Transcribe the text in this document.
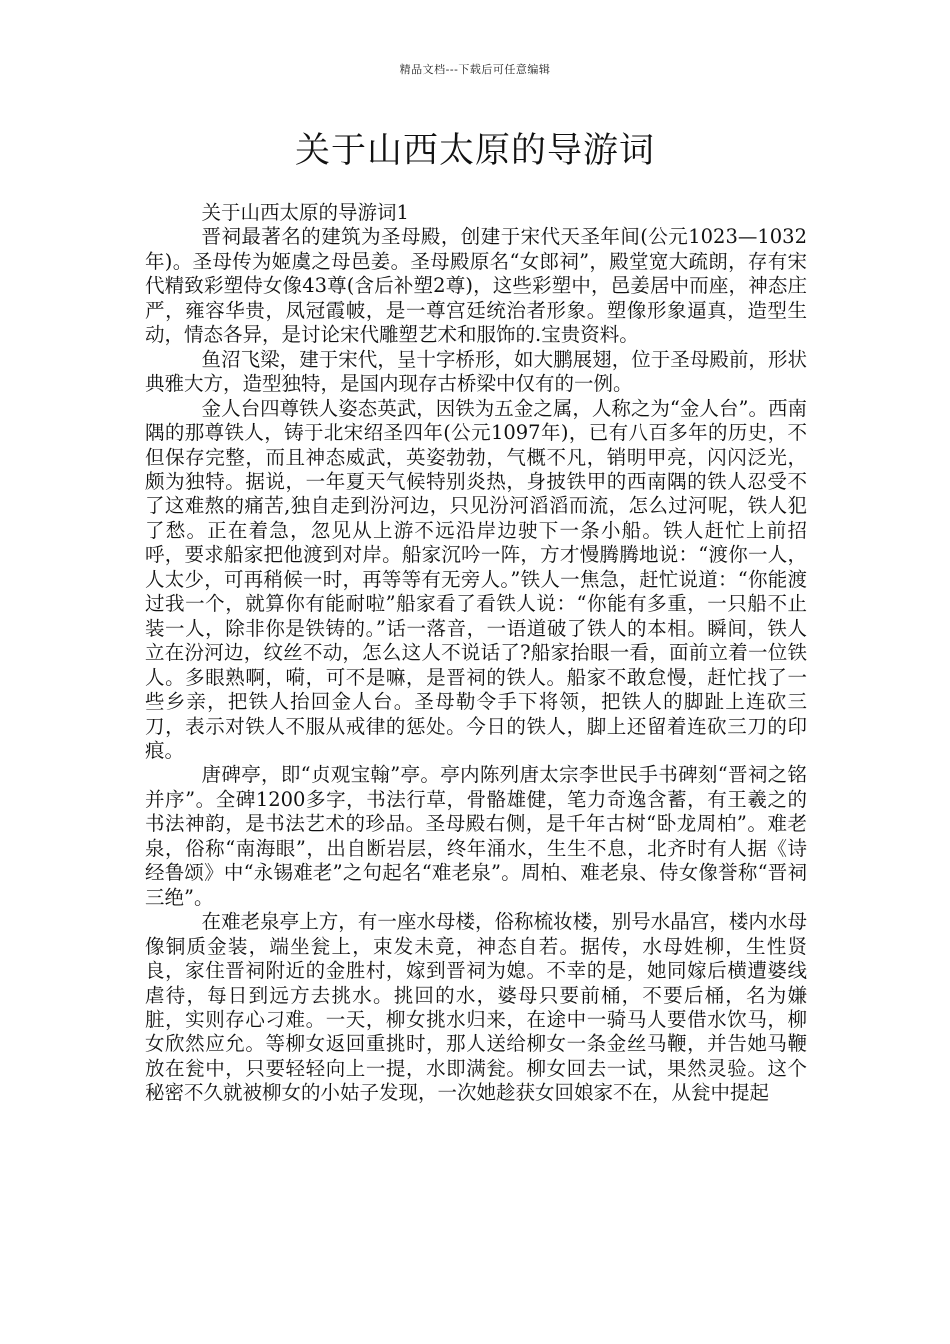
精品文档---下载后可任意编辑
关于山西太原的导游词

关于山西太原的导游词1

晋祠最著名的建筑为圣母殿，创建于宋代天圣年间(公元1023—1032年)。圣母传为姬虞之母邑姜。圣母殿原名“女郎祠”，殿堂宽大疏朗，存有宋代精致彩塑侍女像43尊(含后补塑2尊)，这些彩塑中，邑姜居中而座，神态庄严，雍容华贵，凤冠霞帔，是一尊宫廷统治者形象。塑像形象逼真，造型生动，情态各异，是讨论宋代雕塑艺术和服饰的.宝贵资料。

鱼沼飞梁，建于宋代，呈十字桥形，如大鹏展翅，位于圣母殿前，形状典雅大方，造型独特，是国内现存古桥梁中仅有的一例。

金人台四尊铁人姿态英武，因铁为五金之属，人称之为“金人台”。西南隅的那尊铁人，铸于北宋绍圣四年(公元1097年)，已有八百多年的历史，不但保存完整，而且神态威武，英姿勃勃，气概不凡，销明甲亮，闪闪泛光，颇为独特。据说，一年夏天气候特别炎热，身披铁甲的西南隅的铁人忍受不了这难熬的痛苦,独自走到汾河边，只见汾河滔滔而流，怎么过河呢，铁人犯了愁。正在着急，忽见从上游不远沿岸边驶下一条小船。铁人赶忙上前招呼，要求船家把他渡到对岸。船家沉吟一阵，方才慢腾腾地说：“渡你一人，人太少，可再稍候一时，再等等有无旁人。”铁人一焦急，赶忙说道：“你能渡过我一个，就算你有能耐啦”船家看了看铁人说：“你能有多重，一只船不止装一人，除非你是铁铸的。”话一落音，一语道破了铁人的本相。瞬间，铁人立在汾河边，纹丝不动，怎么这人不说话了?船家抬眼一看，面前立着一位铁人。多眼熟啊，嗬，可不是嘛，是晋祠的铁人。船家不敢怠慢，赶忙找了一些乡亲，把铁人抬回金人台。圣母勒令手下将领，把铁人的脚趾上连砍三刀，表示对铁人不服从戒律的惩处。今日的铁人，脚上还留着连砍三刀的印痕。

唐碑亭，即“贞观宝翰”亭。亭内陈列唐太宗李世民手书碑刻“晋祠之铭并序”。全碑1200多字，书法行草，骨骼雄健，笔力奇逸含蓄，有王羲之的书法神韵，是书法艺术的珍品。圣母殿右侧，是千年古树“卧龙周柏”。难老泉，俗称“南海眼”，出自断岩层，终年涌水，生生不息，北齐时有人据《诗经鲁颂》中“永锡难老”之句起名“难老泉”。周柏、难老泉、侍女像誉称“晋祠三绝”。

在难老泉亭上方，有一座水母楼，俗称梳妆楼，别号水晶宫，楼内水母像铜质金装，端坐瓮上，束发未竟，神态自若。据传，水母姓柳，生性贤良，家住晋祠附近的金胜村，嫁到晋祠为媳。不幸的是，她同嫁后横遭婆线虐待，每日到远方去挑水。挑回的水，婆母只要前桶，不要后桶，名为嫌脏，实则存心刁难。一天，柳女挑水归来，在途中一骑马人要借水饮马，柳女欣然应允。等柳女返回重挑时，那人送给柳女一条金丝马鞭，并告她马鞭放在瓮中，只要轻轻向上一提，水即满瓮。柳女回去一试，果然灵验。这个秘密不久就被柳女的小姑子发现，一次她趁获女回娘家不在，从瓮中提起
